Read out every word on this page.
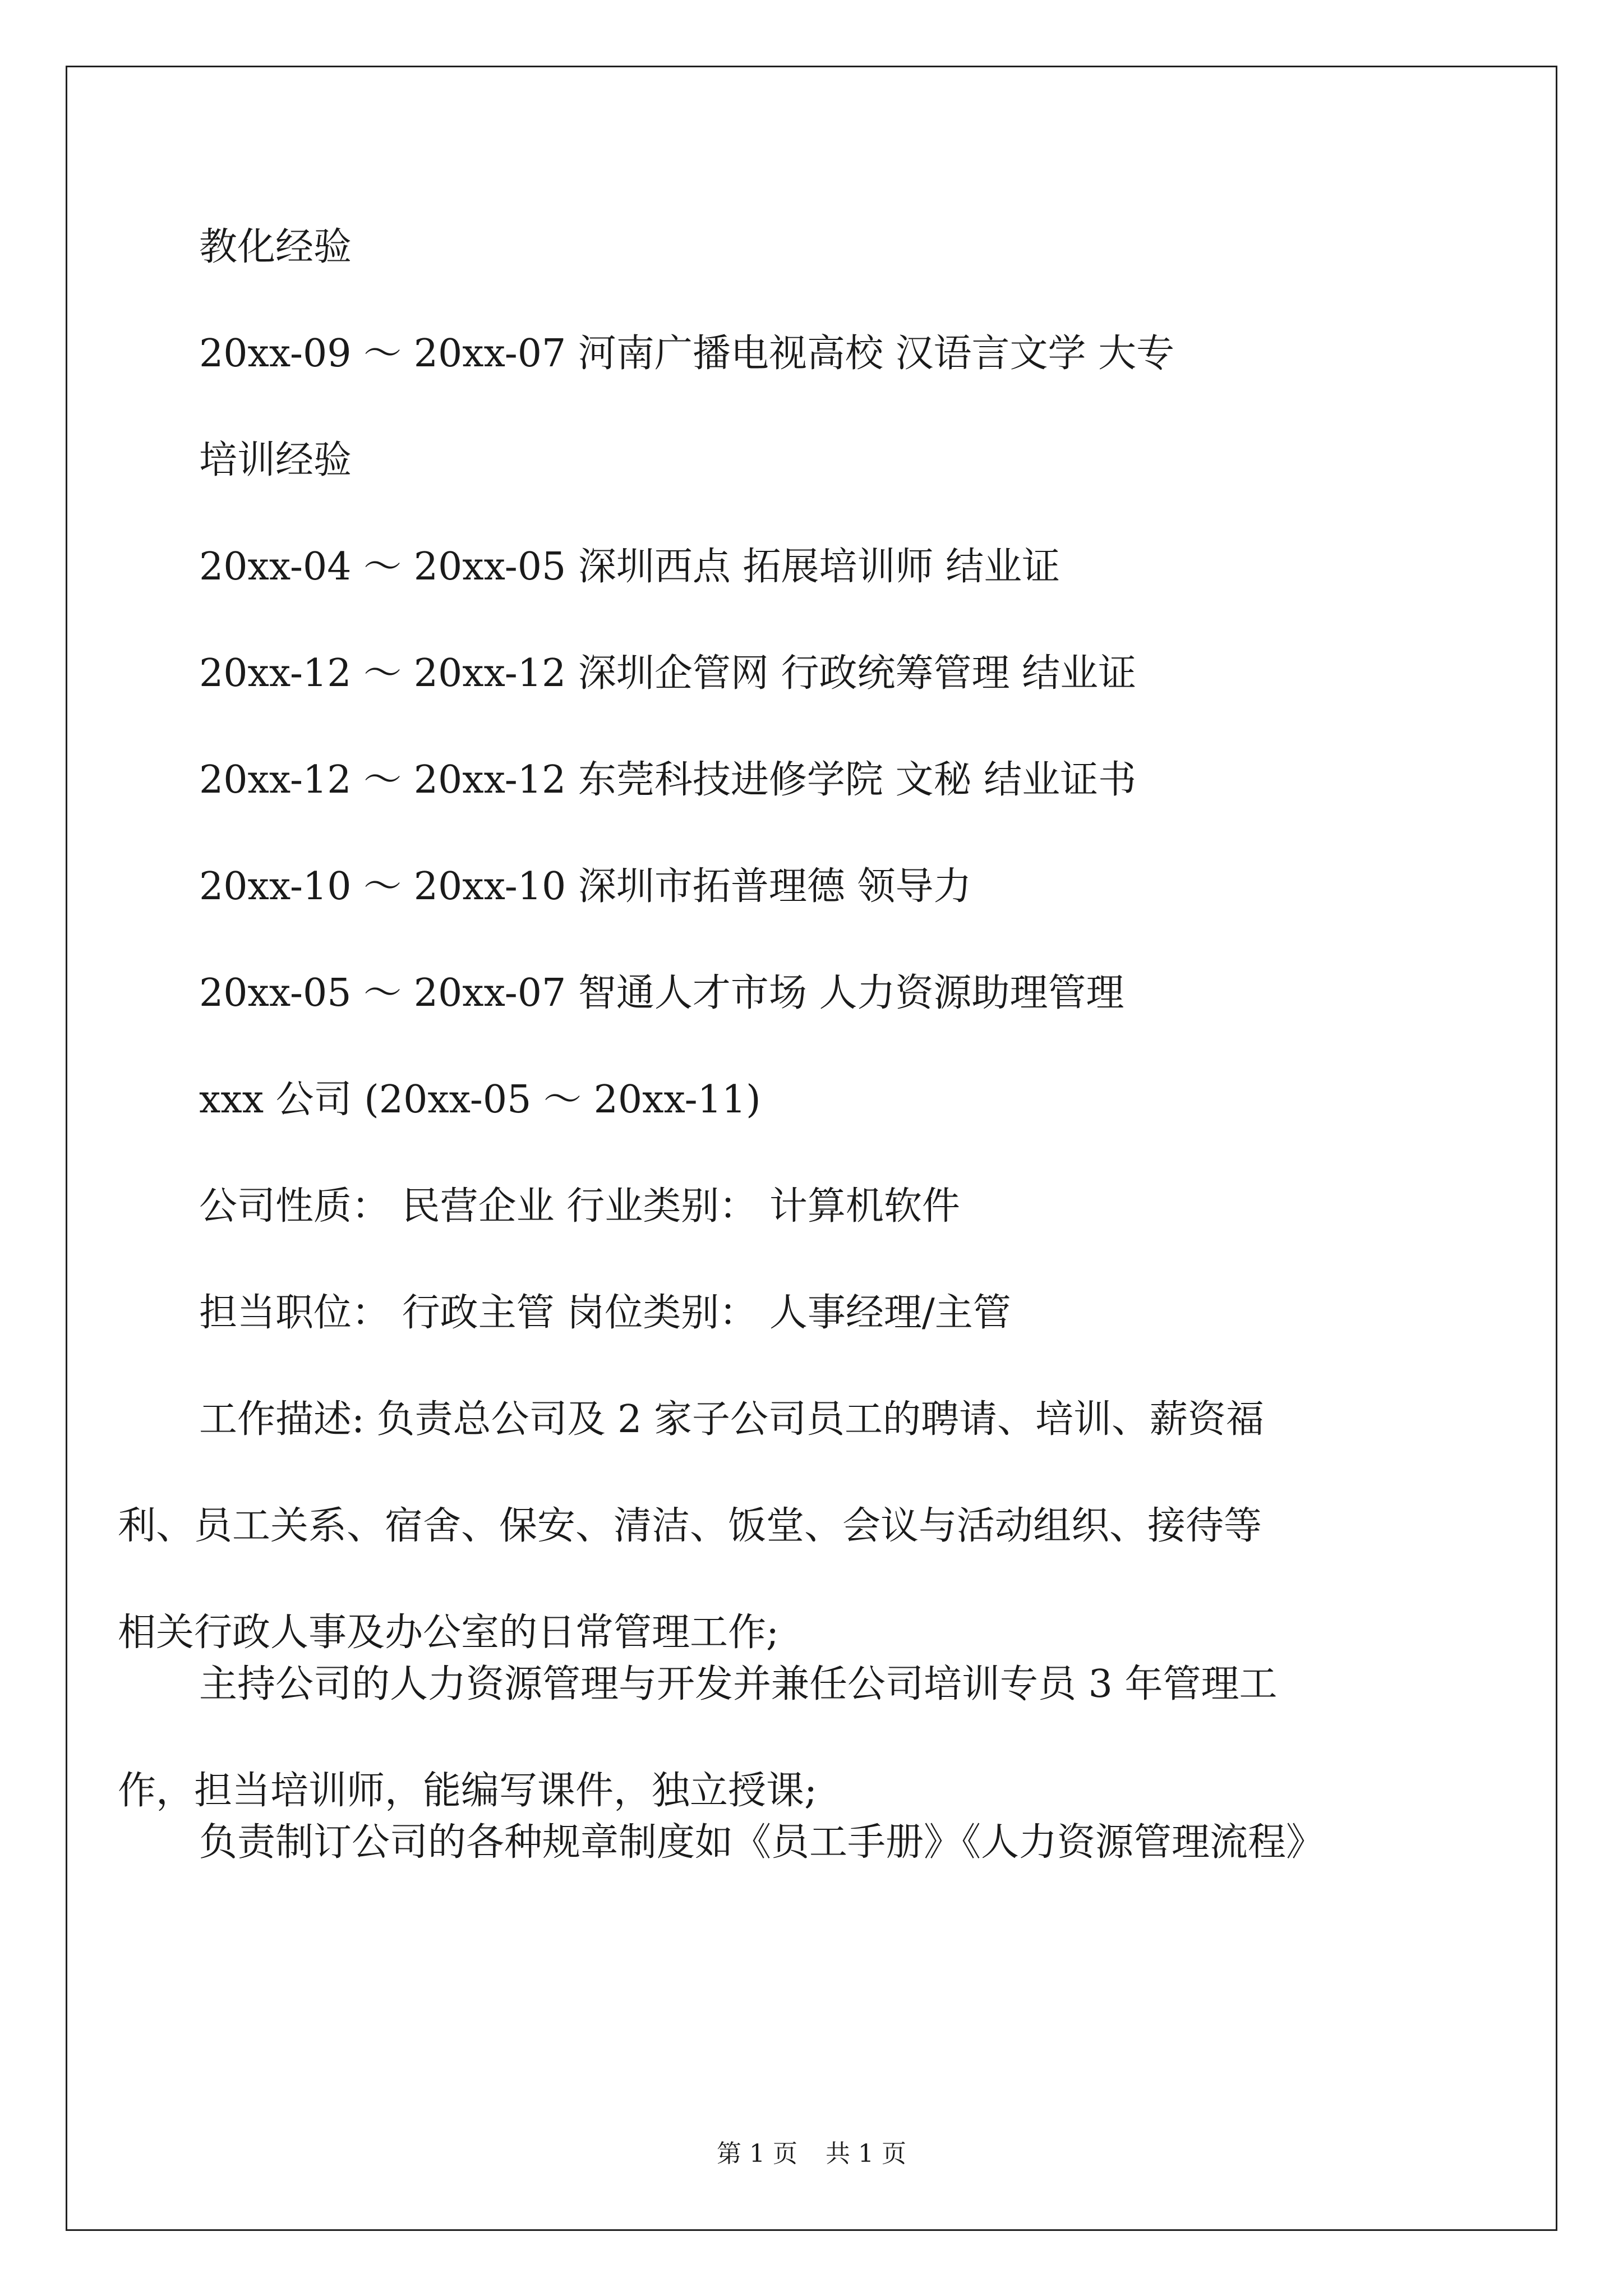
教化经验

20xx-09 ～ 20xx-07 河南广播电视高校 汉语言文学 大专

培训经验

20xx-04 ～ 20xx-05 深圳西点 拓展培训师 结业证

20xx-12 ～ 20xx-12 深圳企管网 行政统筹管理 结业证

20xx-12 ～ 20xx-12 东莞科技进修学院 文秘 结业证书

20xx-10 ～ 20xx-10 深圳市拓普理德 领导力

20xx-05 ～ 20xx-07 智通人才市场 人力资源助理管理

xxx 公司 (20xx-05 ～ 20xx-11)

公司性质： 民营企业 行业类别： 计算机软件

担当职位： 行政主管 岗位类别： 人事经理/主管

工作描述: 负责总公司及 2 家子公司员工的聘请、培训、薪资福
利、员工关系、宿舍、保安、清洁、饭堂、会议与活动组织、接待等
相关行政人事及办公室的日常管理工作;
主持公司的人力资源管理与开发并兼任公司培训专员 3 年管理工
作，担当培训师，能编写课件，独立授课;
负责制订公司的各种规章制度如《员工手册》《人力资源管理流程》
第 1 页 共 1 页
